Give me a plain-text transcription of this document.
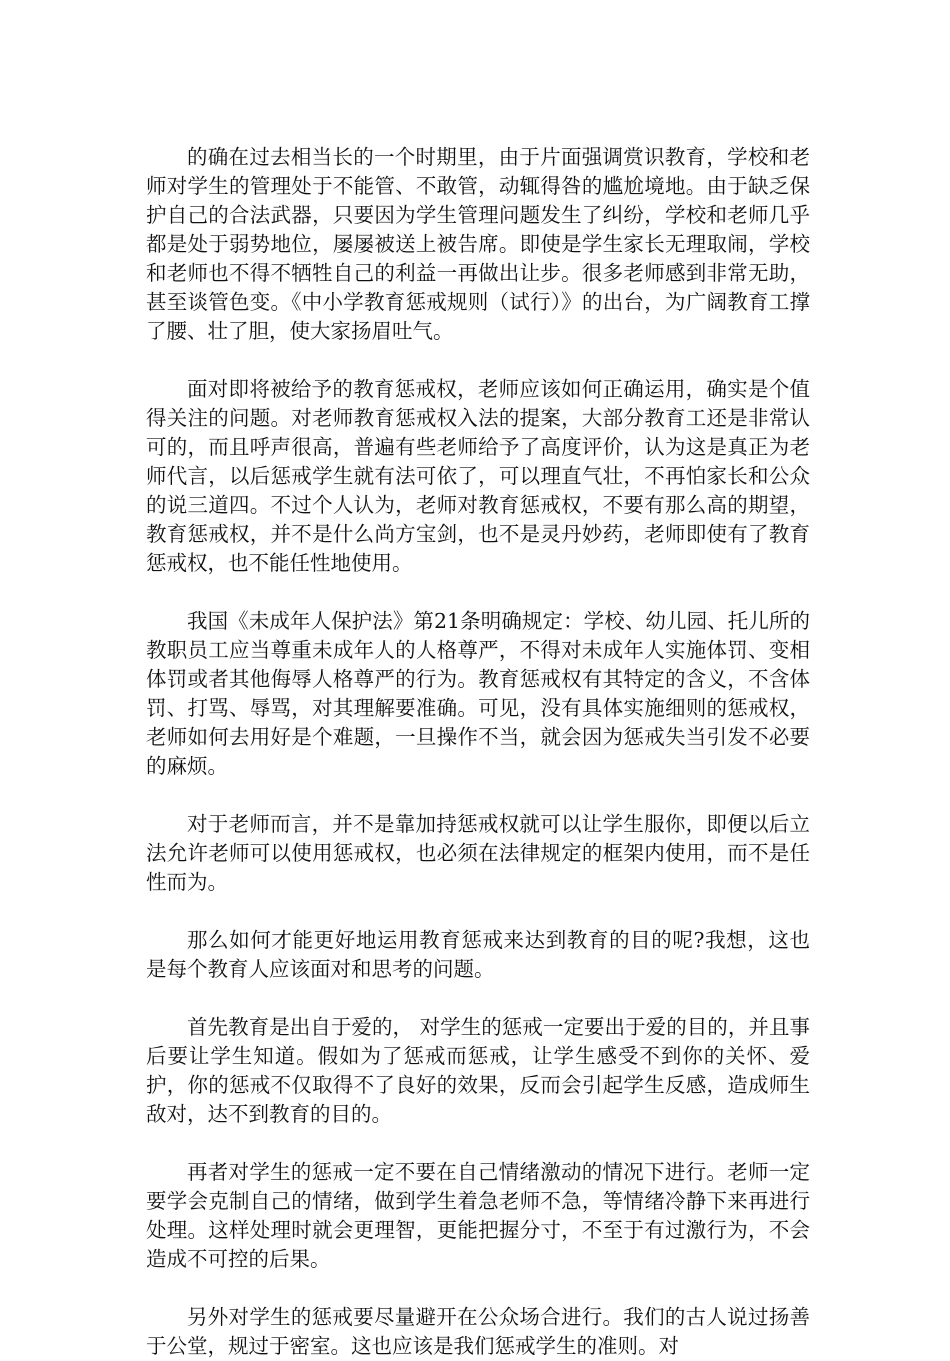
的确在过去相当长的一个时期里，由于片面强调赏识教育，学校和老师对学生的管理处于不能管、不敢管，动辄得咎的尴尬境地。由于缺乏保护自己的合法武器，只要因为学生管理问题发生了纠纷，学校和老师几乎都是处于弱势地位，屡屡被送上被告席。即使是学生家长无理取闹，学校和老师也不得不牺牲自己的利益一再做出让步。很多老师感到非常无助，甚至谈管色变。《中小学教育惩戒规则（试行）》的出台，为广阔教育工撑了腰、壮了胆，使大家扬眉吐气。

面对即将被给予的教育惩戒权，老师应该如何正确运用，确实是个值得关注的问题。对老师教育惩戒权入法的提案，大部分教育工还是非常认可的，而且呼声很高，普遍有些老师给予了高度评价，认为这是真正为老师代言，以后惩戒学生就有法可依了，可以理直气壮，不再怕家长和公众的说三道四。不过个人认为，老师对教育惩戒权，不要有那么高的期望，教育惩戒权，并不是什么尚方宝剑，也不是灵丹妙药，老师即使有了教育惩戒权，也不能任性地使用。

我国《未成年人保护法》第21条明确规定：学校、幼儿园、托儿所的教职员工应当尊重未成年人的人格尊严，不得对未成年人实施体罚、变相体罚或者其他侮辱人格尊严的行为。教育惩戒权有其特定的含义，不含体罚、打骂、辱骂，对其理解要准确。可见，没有具体实施细则的惩戒权，老师如何去用好是个难题，一旦操作不当，就会因为惩戒失当引发不必要的麻烦。

对于老师而言，并不是靠加持惩戒权就可以让学生服你，即便以后立法允许老师可以使用惩戒权，也必须在法律规定的框架内使用，而不是任性而为。

那么如何才能更好地运用教育惩戒来达到教育的目的呢?我想，这也是每个教育人应该面对和思考的问题。

首先教育是出自于爱的， 对学生的惩戒一定要出于爱的目的，并且事后要让学生知道。假如为了惩戒而惩戒，让学生感受不到你的关怀、爱护，你的惩戒不仅取得不了良好的效果，反而会引起学生反感，造成师生敌对，达不到教育的目的。

再者对学生的惩戒一定不要在自己情绪激动的情况下进行。老师一定要学会克制自己的情绪，做到学生着急老师不急，等情绪冷静下来再进行处理。这样处理时就会更理智，更能把握分寸，不至于有过激行为，不会造成不可控的后果。

另外对学生的惩戒要尽量避开在公众场合进行。我们的古人说过扬善于公堂，规过于密室。这也应该是我们惩戒学生的准则。对
